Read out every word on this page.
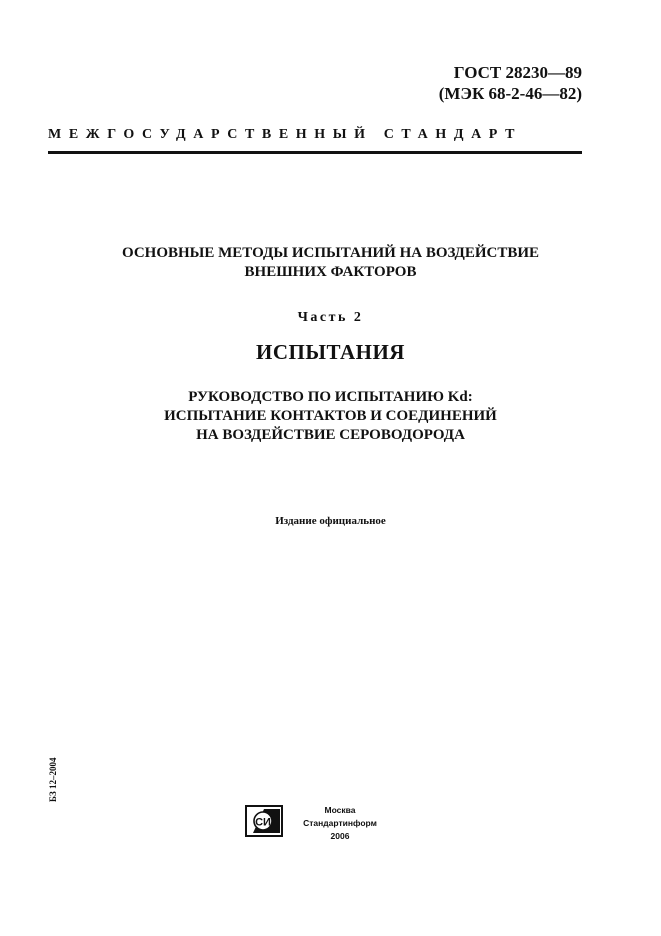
ГОСТ 28230—89
(МЭК 68-2-46—82)
МЕЖГОСУДАРСТВЕННЫЙ СТАНДАРТ
ОСНОВНЫЕ МЕТОДЫ ИСПЫТАНИЙ НА ВОЗДЕЙСТВИЕ
ВНЕШНИХ ФАКТОРОВ
Часть 2
ИСПЫТАНИЯ
РУКОВОДСТВО ПО ИСПЫТАНИЮ Kd:
ИСПЫТАНИЕ КОНТАКТОВ И СОЕДИНЕНИЙ
НА ВОЗДЕЙСТВИЕ СЕРОВОДОРОДА
Издание официальное
БЗ 12–2004
СИ
Москва
Стандартинформ
2006
